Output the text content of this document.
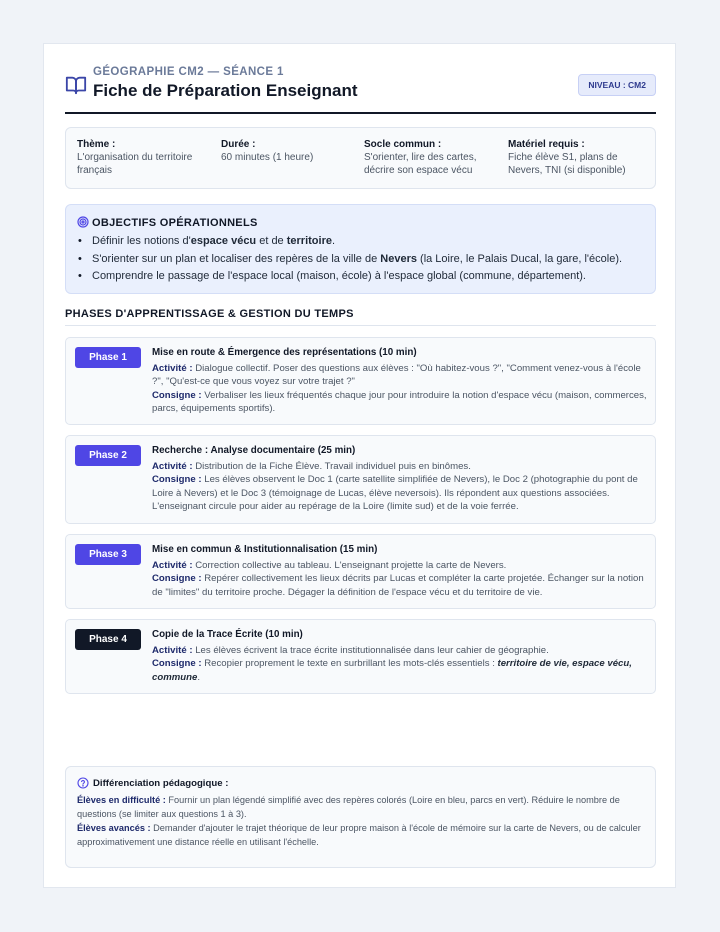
GÉOGRAPHIE CM2 — SÉANCE 1
Fiche de Préparation Enseignant	NIVEAU : CM2
Thème :
L'organisation du territoire français
Durée :
60 minutes (1 heure)
Socle commun :
S'orienter, lire des cartes, décrire son espace vécu
Matériel requis :
Fiche élève S1, plans de Nevers, TNI (si disponible)
OBJECTIFS OPÉRATIONNELS
• Définir les notions d'espace vécu et de territoire.
• S'orienter sur un plan et localiser des repères de la ville de Nevers (la Loire, le Palais Ducal, la gare, l'école).
• Comprendre le passage de l'espace local (maison, école) à l'espace global (commune, département).
PHASES D'APPRENTISSAGE & GESTION DU TEMPS
Phase 1	Mise en route & Émergence des représentations (10 min)
Activité : Dialogue collectif. Poser des questions aux élèves : "Où habitez-vous ?", "Comment venez-vous à l'école ?", "Qu'est-ce que vous voyez sur votre trajet ?"
Consigne : Verbaliser les lieux fréquentés chaque jour pour introduire la notion d'espace vécu (maison, commerces, parcs, équipements sportifs).
Phase 2	Recherche : Analyse documentaire (25 min)
Activité : Distribution de la Fiche Élève. Travail individuel puis en binômes.
Consigne : Les élèves observent le Doc 1 (carte satellite simplifiée de Nevers), le Doc 2 (photographie du pont de Loire à Nevers) et le Doc 3 (témoignage de Lucas, élève neversois). Ils répondent aux questions associées. L'enseignant circule pour aider au repérage de la Loire (limite sud) et de la voie ferrée.
Phase 3	Mise en commun & Institutionnalisation (15 min)
Activité : Correction collective au tableau. L'enseignant projette la carte de Nevers.
Consigne : Repérer collectivement les lieux décrits par Lucas et compléter la carte projetée. Échanger sur la notion de "limites" du territoire proche. Dégager la définition de l'espace vécu et du territoire de vie.
Phase 4	Copie de la Trace Écrite (10 min)
Activité : Les élèves écrivent la trace écrite institutionnalisée dans leur cahier de géographie.
Consigne : Recopier proprement le texte en surbrillant les mots-clés essentiels : territoire de vie, espace vécu, commune.
Différenciation pédagogique :
Élèves en difficulté : Fournir un plan légendé simplifié avec des repères colorés (Loire en bleu, parcs en vert). Réduire le nombre de questions (se limiter aux questions 1 à 3).
Élèves avancés : Demander d'ajouter le trajet théorique de leur propre maison à l'école de mémoire sur la carte de Nevers, ou de calculer approximativement une distance réelle en utilisant l'échelle.
